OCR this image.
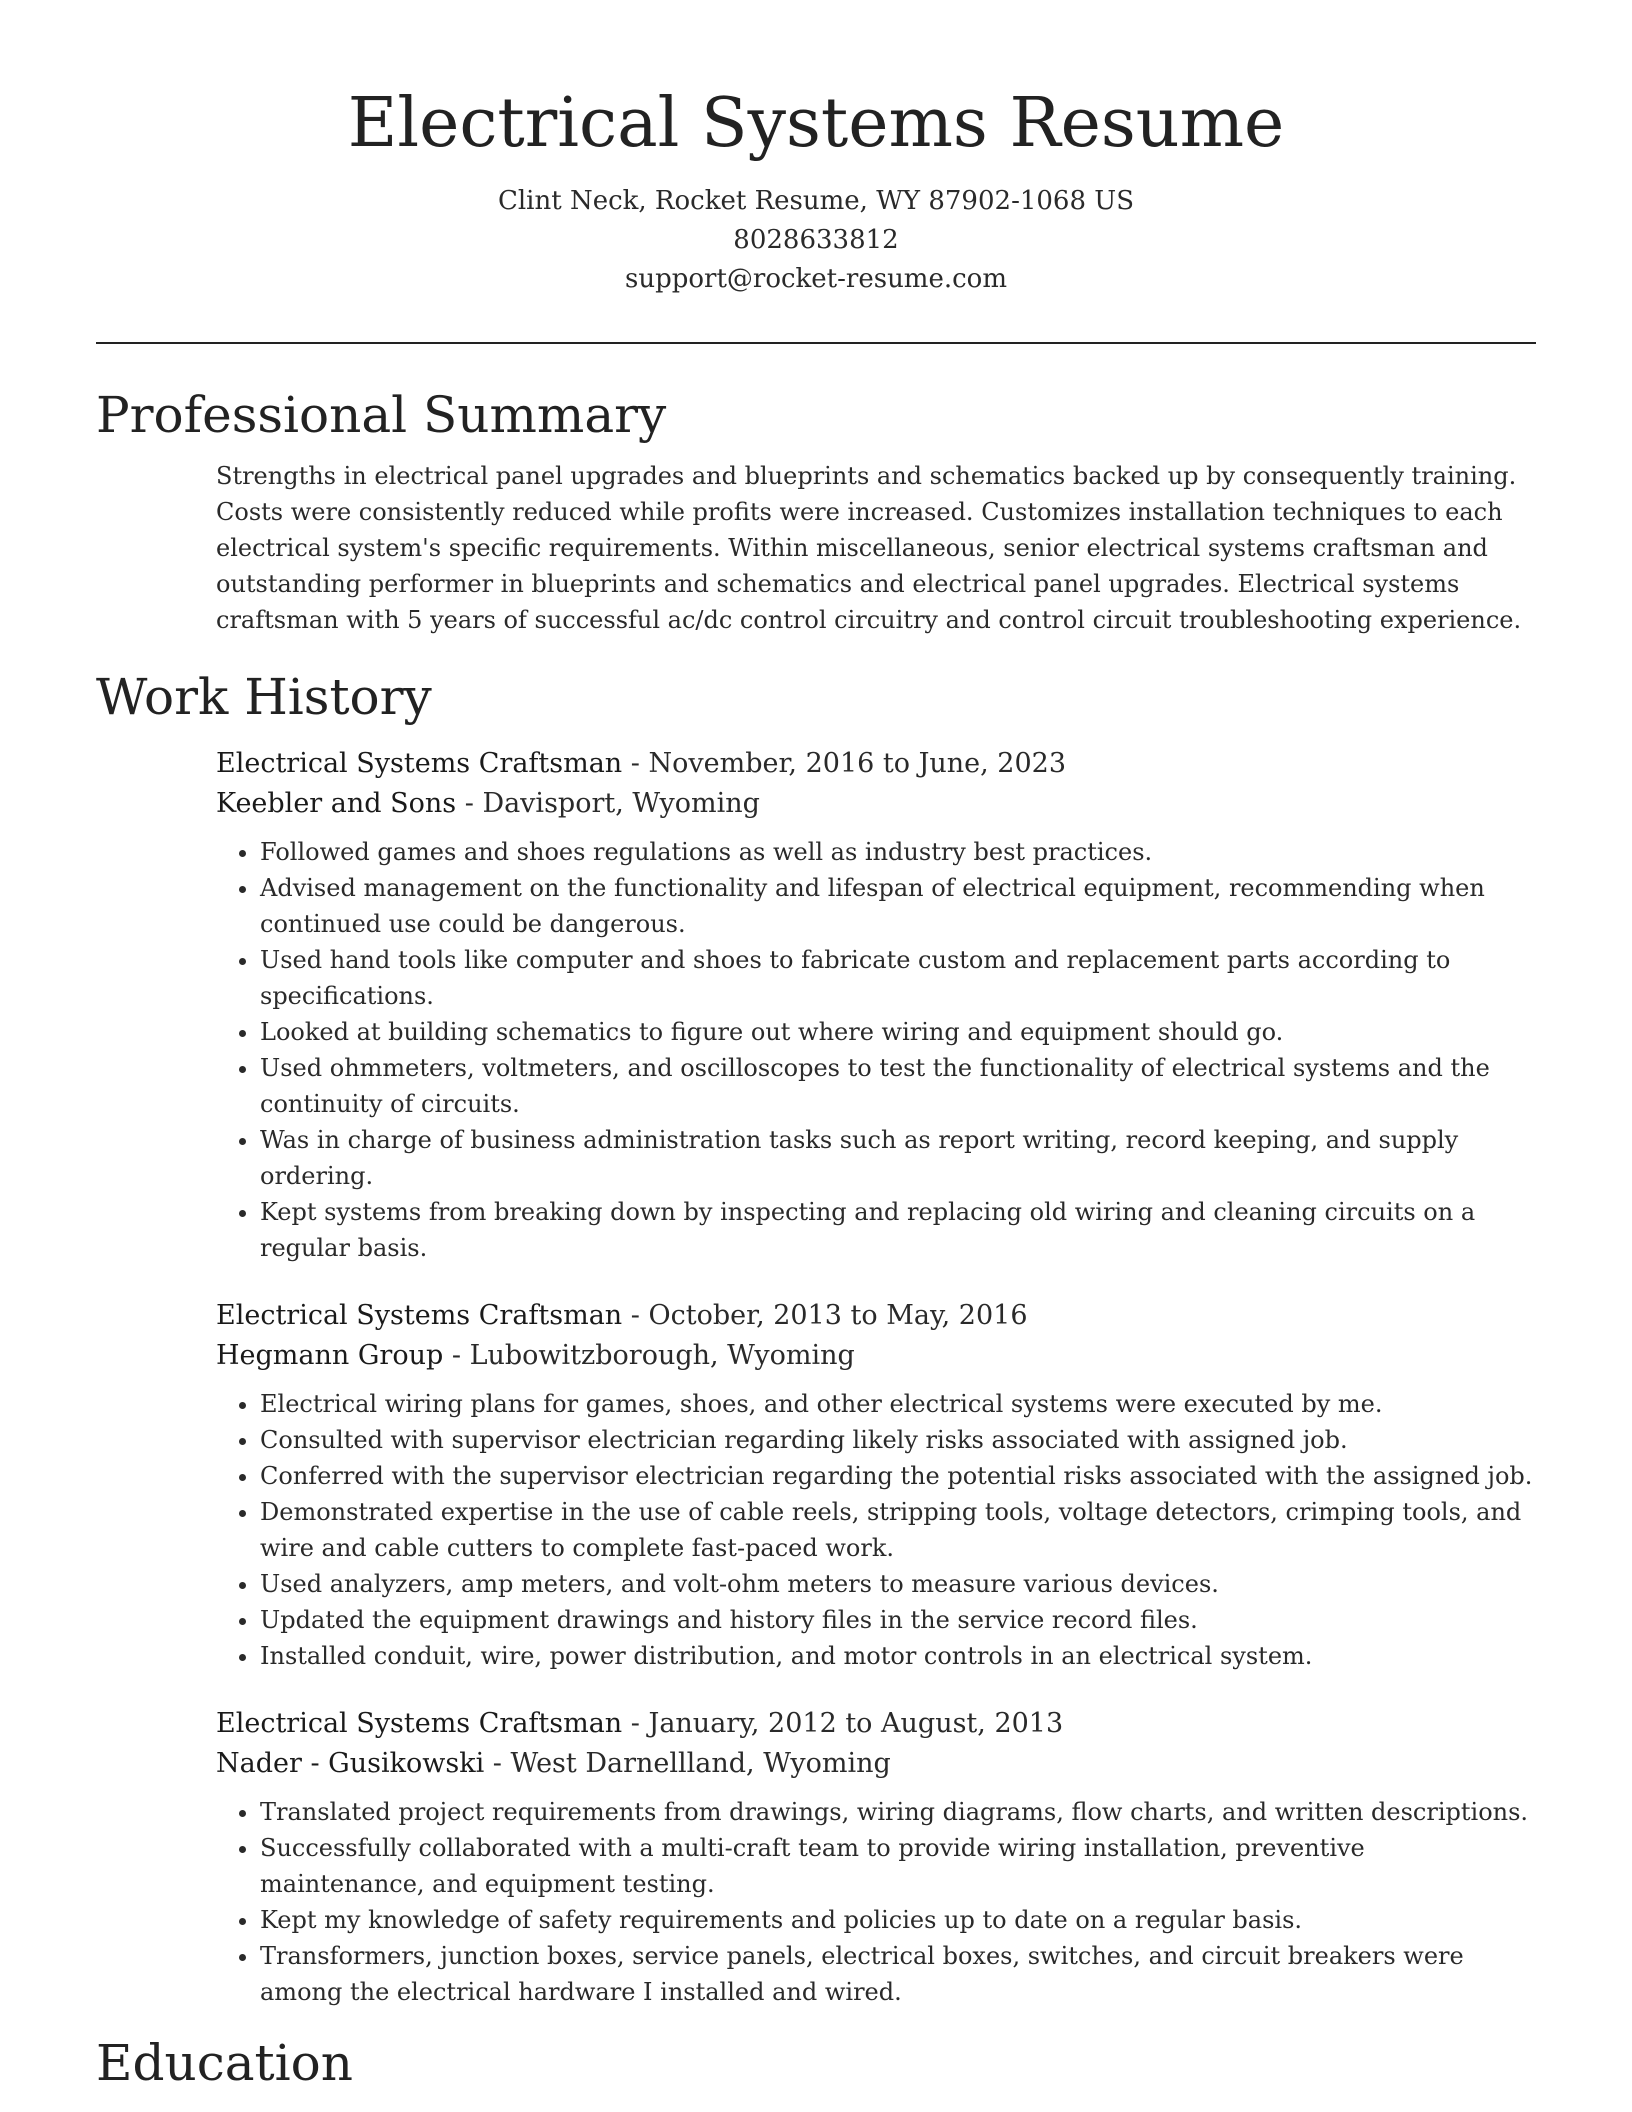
Electrical Systems Resume
Clint Neck, Rocket Resume, WY 87902-1068 US
8028633812
support@rocket-resume.com
Professional Summary

Strengths in electrical panel upgrades and blueprints and schematics backed up by consequently training. Costs were consistently reduced while profits were increased. Customizes installation techniques to each electrical system's specific requirements. Within miscellaneous, senior electrical systems craftsman and outstanding performer in blueprints and schematics and electrical panel upgrades. Electrical systems craftsman with 5 years of successful ac/dc control circuitry and control circuit troubleshooting experience.

Work History
Electrical Systems Craftsman - November, 2016 to June, 2023
Keebler and Sons - Davisport, Wyoming
• Followed games and shoes regulations as well as industry best practices.
• Advised management on the functionality and lifespan of electrical equipment, recommending when continued use could be dangerous.
• Used hand tools like computer and shoes to fabricate custom and replacement parts according to specifications.
• Looked at building schematics to figure out where wiring and equipment should go.
• Used ohmmeters, voltmeters, and oscilloscopes to test the functionality of electrical systems and the continuity of circuits.
• Was in charge of business administration tasks such as report writing, record keeping, and supply ordering.
• Kept systems from breaking down by inspecting and replacing old wiring and cleaning circuits on a regular basis.
Electrical Systems Craftsman - October, 2013 to May, 2016
Hegmann Group - Lubowitzborough, Wyoming
• Electrical wiring plans for games, shoes, and other electrical systems were executed by me.
• Consulted with supervisor electrician regarding likely risks associated with assigned job.
• Conferred with the supervisor electrician regarding the potential risks associated with the assigned job.
• Demonstrated expertise in the use of cable reels, stripping tools, voltage detectors, crimping tools, and wire and cable cutters to complete fast-paced work.
• Used analyzers, amp meters, and volt-ohm meters to measure various devices.
• Updated the equipment drawings and history files in the service record files.
• Installed conduit, wire, power distribution, and motor controls in an electrical system.
Electrical Systems Craftsman - January, 2012 to August, 2013
Nader - Gusikowski - West Darnellland, Wyoming
• Translated project requirements from drawings, wiring diagrams, flow charts, and written descriptions.
• Successfully collaborated with a multi-craft team to provide wiring installation, preventive maintenance, and equipment testing.
• Kept my knowledge of safety requirements and policies up to date on a regular basis.
• Transformers, junction boxes, service panels, electrical boxes, switches, and circuit breakers were among the electrical hardware I installed and wired.
Education
